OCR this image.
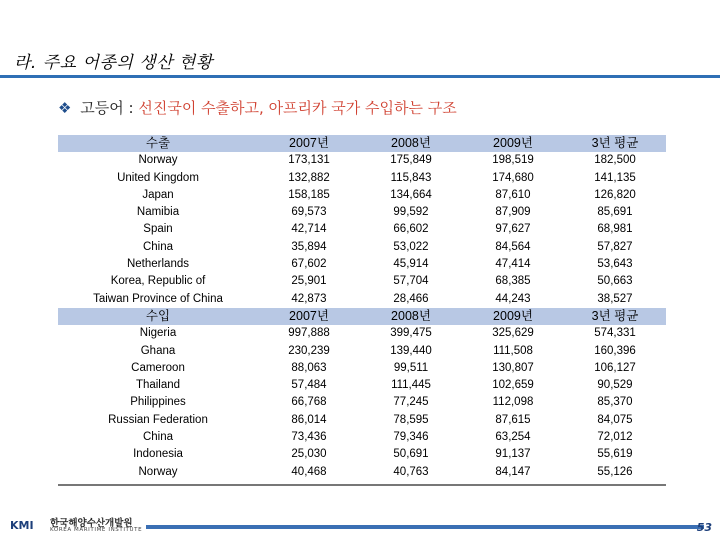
라. 주요 어종의 생산 현황
❖ 고등어 : 선진국이 수출하고, 아프리카 국가 수입하는 구조
수출	2007년	2008년	2009년	3년 평균
Norway	173,131	175,849	198,519	182,500
United Kingdom	132,882	115,843	174,680	141,135
Japan	158,185	134,664	87,610	126,820
Namibia	69,573	99,592	87,909	85,691
Spain	42,714	66,602	97,627	68,981
China	35,894	53,022	84,564	57,827
Netherlands	67,602	45,914	47,414	53,643
Korea, Republic of	25,901	57,704	68,385	50,663
Taiwan Province of China	42,873	28,466	44,243	38,527
수입	2007년	2008년	2009년	3년 평균
Nigeria	997,888	399,475	325,629	574,331
Ghana	230,239	139,440	111,508	160,396
Cameroon	88,063	99,511	130,807	106,127
Thailand	57,484	111,445	102,659	90,529
Philippines	66,768	77,245	112,098	85,370
Russian Federation	86,014	78,595	87,615	84,075
China	73,436	79,346	63,254	72,012
Indonesia	25,030	50,691	91,137	55,619
Norway	40,468	40,763	84,147	55,126
KMI	한국해양수산개발원
KOREA MARITIME INSTITUTE	53
